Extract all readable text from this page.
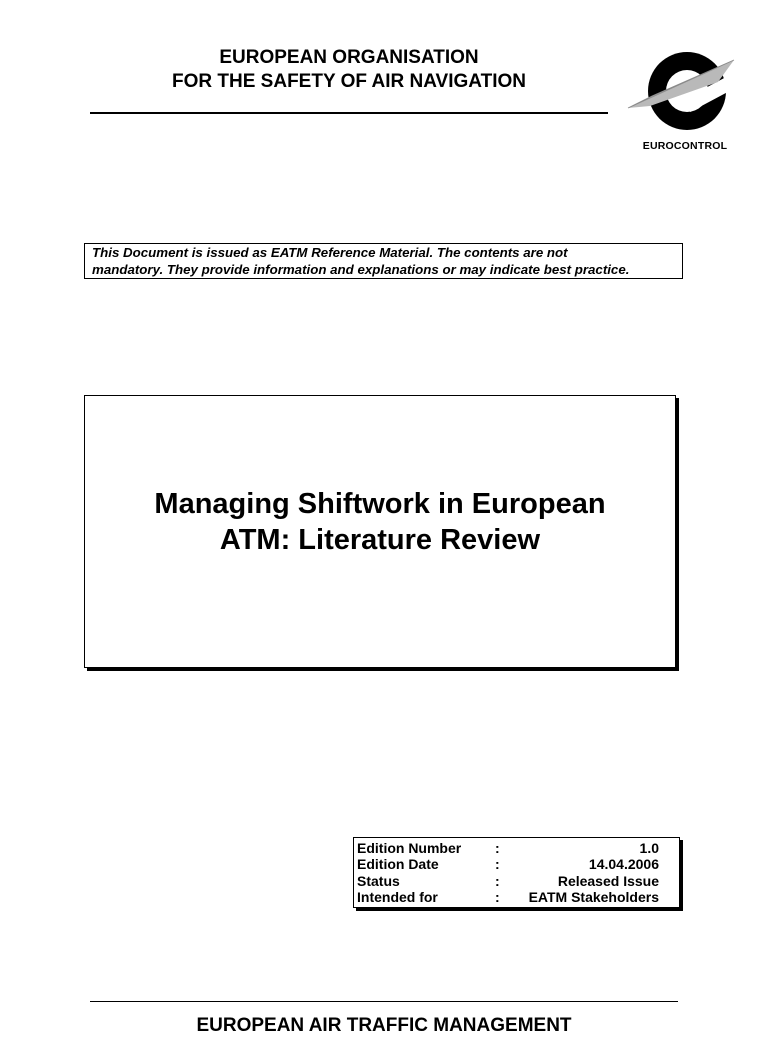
EUROPEAN ORGANISATION
FOR THE SAFETY OF AIR NAVIGATION
EUROCONTROL
This Document is issued as EATM Reference Material. The contents are not
mandatory. They provide information and explanations or may indicate best practice.
Managing Shiftwork in European
ATM: Literature Review
Edition Number	:	1.0
Edition Date	:	14.04.2006
Status	:	Released Issue
Intended for	:	EATM Stakeholders
EUROPEAN AIR TRAFFIC MANAGEMENT
